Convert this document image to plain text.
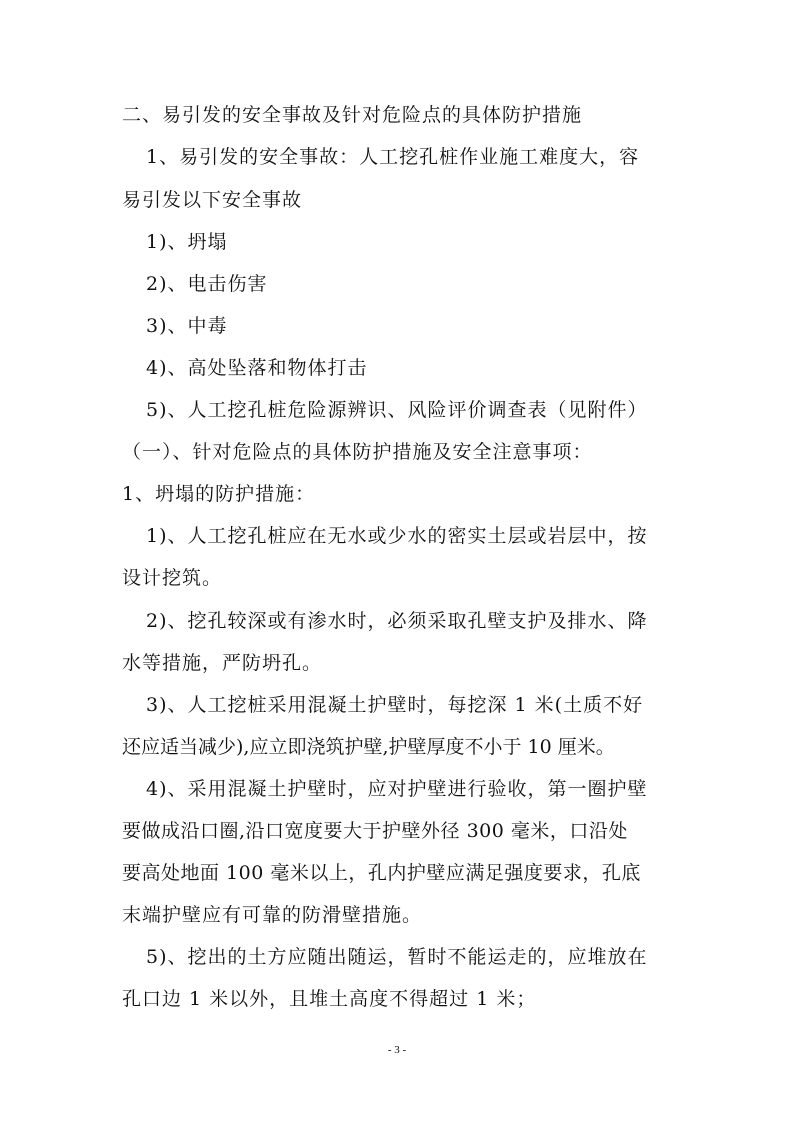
二、易引发的安全事故及针对危险点的具体防护措施
1、易引发的安全事故：人工挖孔桩作业施工难度大，容
易引发以下安全事故
1)、坍塌
2)、电击伤害
3)、中毒
4)、高处坠落和物体打击
5)、人工挖孔桩危险源辨识、风险评价调查表（见附件）
（一）、针对危险点的具体防护措施及安全注意事项：
1、坍塌的防护措施：
1)、人工挖孔桩应在无水或少水的密实土层或岩层中，按
设计挖筑。
2)、挖孔较深或有渗水时，必须采取孔壁支护及排水、降
水等措施，严防坍孔。
3)、人工挖桩采用混凝土护壁时，每挖深 1 米(土质不好
还应适当减少),应立即浇筑护壁,护壁厚度不小于 10 厘米。
4)、采用混凝土护壁时，应对护壁进行验收，第一圈护壁
要做成沿口圈,沿口宽度要大于护壁外径 300 毫米，口沿处
要高处地面 100 毫米以上，孔内护壁应满足强度要求，孔底
末端护壁应有可靠的防滑壁措施。
5)、挖出的土方应随出随运，暂时不能运走的，应堆放在
孔口边 1 米以外，且堆土高度不得超过 1 米；
- 3 -
